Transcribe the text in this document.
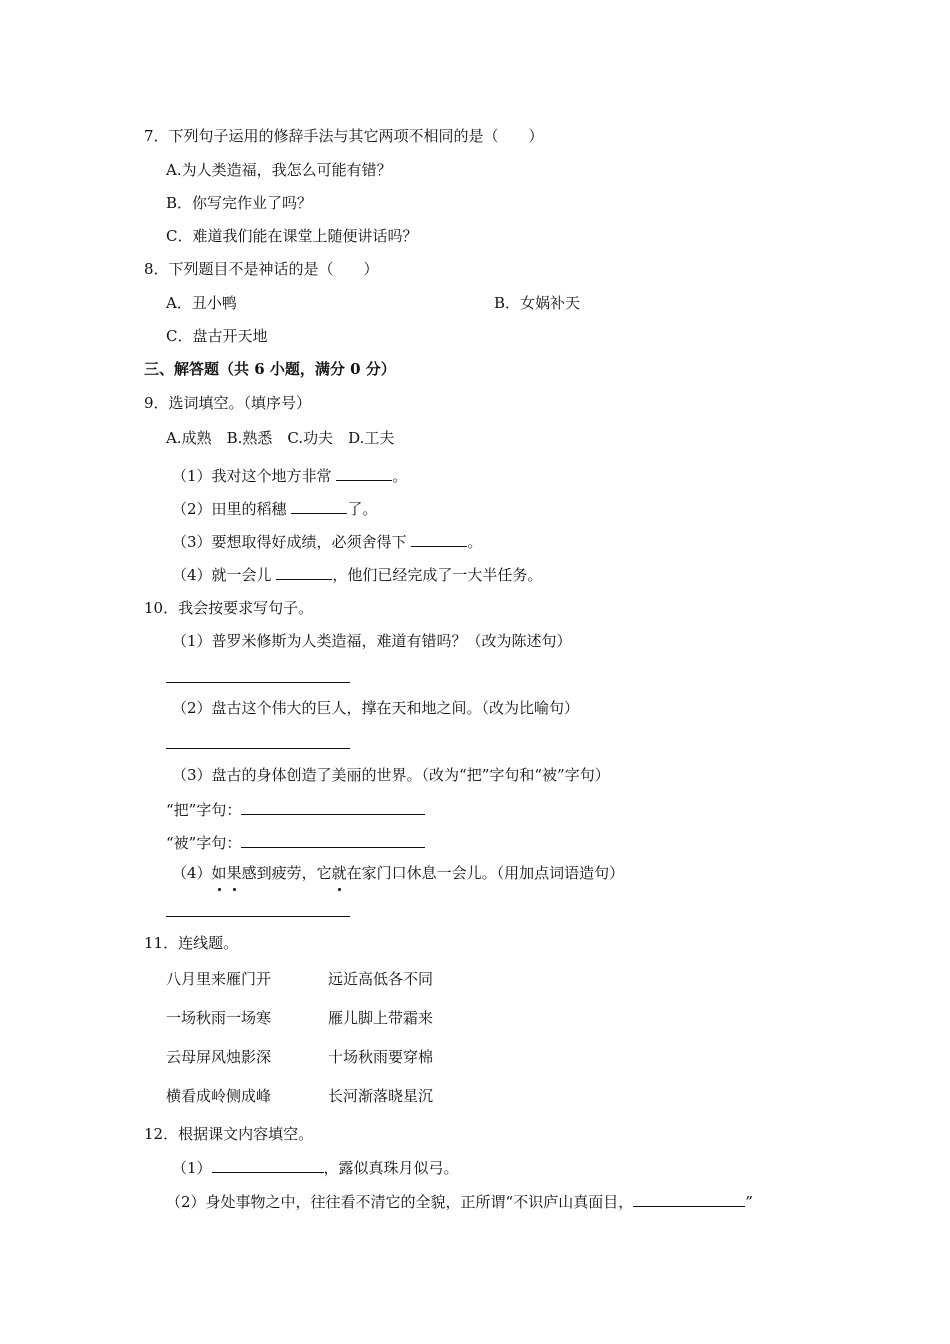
7．下列句子运用的修辞手法与其它两项不相同的是（　　）
A.为人类造福，我怎么可能有错？
B．你写完作业了吗？
C．难道我们能在课堂上随便讲话吗？
8．下列题目不是神话的是（　　）
A．丑小鸭	B．女娲补天
C．盘古开天地
三、解答题（共 6 小题，满分 0 分）
9．选词填空。（填序号）
A.成熟　B.熟悉　C.功夫　D.工夫
（1）我对这个地方非常	。
（2）田里的稻穗	了。
（3）要想取得好成绩，必须舍得下	。
（4）就一会儿	，他们已经完成了一大半任务。
10．我会按要求写句子。
（1）普罗米修斯为人类造福，难道有错吗？（改为陈述句）
（2）盘古这个伟大的巨人，撑在天和地之间。（改为比喻句）
（3）盘古的身体创造了美丽的世界。（改为“把”字句和“被”字句）
“把”字句：
“被”字句：
（4）如果感到疲劳，它就在家门口休息一会儿。（用加点词语造句）
11．连线题。
八月里来雁门开	远近高低各不同
一场秋雨一场寒	雁儿脚上带霜来
云母屏风烛影深	十场秋雨要穿棉
横看成岭侧成峰	长河渐落晓星沉
12．根据课文内容填空。
（1）	，露似真珠月似弓。
（2）身处事物之中，往往看不清它的全貌，正所谓“不识庐山真面目，	”
